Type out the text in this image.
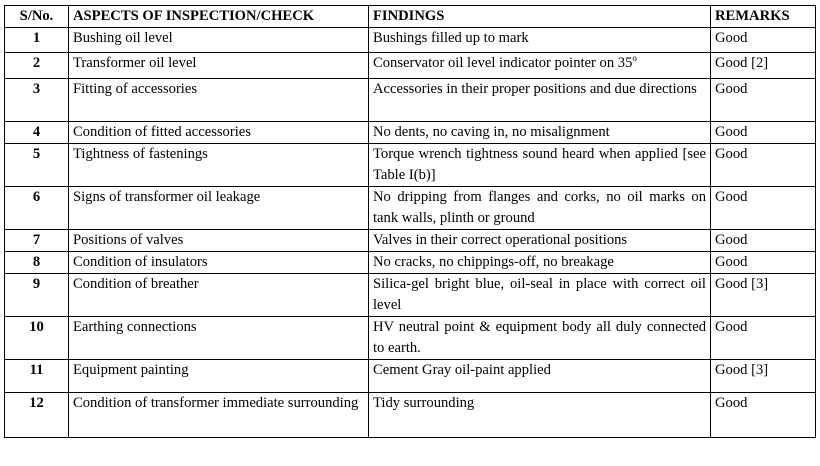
S/No.	ASPECTS OF INSPECTION/CHECK	FINDINGS	REMARKS
1	Bushing oil level	Bushings filled up to mark	Good
2	Transformer oil level	Conservator oil level indicator pointer on 35$^o$	Good [2]
3	Fitting of accessories	Accessories in their proper positions and due directions	Good
4	Condition of fitted accessories	No dents, no caving in, no misalignment	Good
5	Tightness of fastenings	Torque wrench tightness sound heard when applied [see Table I(b)]	Good
6	Signs of transformer oil leakage	No dripping from flanges and corks, no oil marks on tank walls, plinth or ground	Good
7	Positions of valves	Valves in their correct operational positions	Good
8	Condition of insulators	No cracks, no chippings-off, no breakage	Good
9	Condition of breather	Silica-gel bright blue, oil-seal in place with correct oil level	Good [3]
10	Earthing connections	HV neutral point & equipment body all duly connected to earth.	Good
11	Equipment painting	Cement Gray oil-paint applied	Good [3]
12	Condition of transformer immediate surrounding	Tidy surrounding	Good
